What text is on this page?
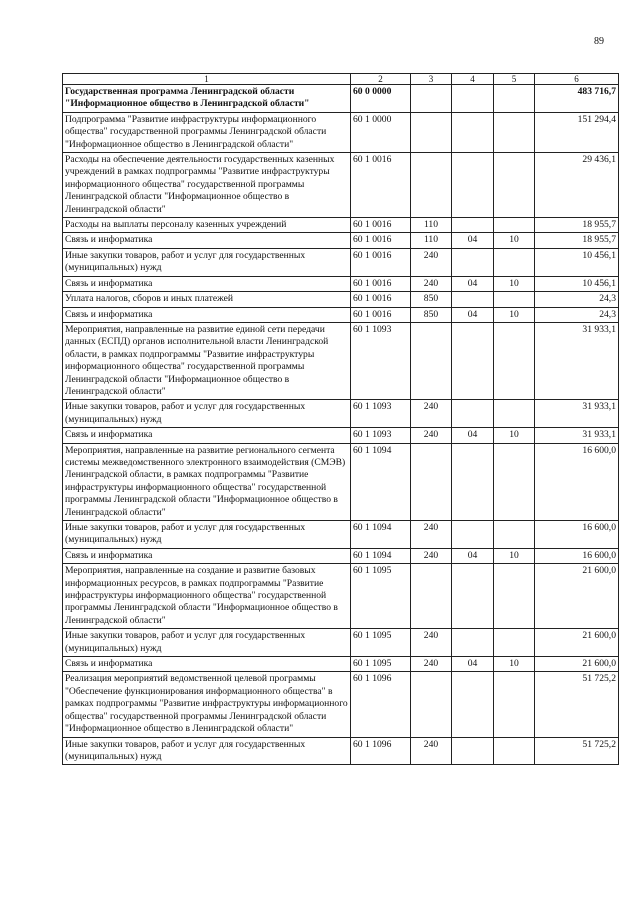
89
1	2	3	4	5	6
Государственная программа Ленинградской области "Информационное общество в Ленинградской области"	60 0 0000				483 716,7
Подпрограмма "Развитие инфраструктуры информационного общества" государственной программы Ленинградской области "Информационное общество в Ленинградской области"	60 1 0000				151 294,4
Расходы на обеспечение деятельности государственных казенных учреждений в рамках подпрограммы "Развитие инфраструктуры информационного общества" государственной программы Ленинградской области "Информационное общество в Ленинградской области"	60 1 0016				29 436,1
Расходы на выплаты персоналу казенных учреждений	60 1 0016	110			18 955,7
Связь и информатика	60 1 0016	110	04	10	18 955,7
Иные закупки товаров, работ и услуг для государственных (муниципальных) нужд	60 1 0016	240			10 456,1
Связь и информатика	60 1 0016	240	04	10	10 456,1
Уплата налогов, сборов и иных платежей	60 1 0016	850			24,3
Связь и информатика	60 1 0016	850	04	10	24,3
Мероприятия, направленные на развитие единой сети передачи данных (ЕСПД) органов исполнительной власти Ленинградской области, в рамках подпрограммы "Развитие инфраструктуры информационного общества" государственной программы Ленинградской области "Информационное общество в Ленинградской области"	60 1 1093				31 933,1
Иные закупки товаров, работ и услуг для государственных (муниципальных) нужд	60 1 1093	240			31 933,1
Связь и информатика	60 1 1093	240	04	10	31 933,1
Мероприятия, направленные на развитие регионального сегмента системы межведомственного электронного взаимодействия (СМЭВ) Ленинградской области, в рамках подпрограммы "Развитие инфраструктуры информационного общества" государственной программы Ленинградской области "Информационное общество в Ленинградской области"	60 1 1094				16 600,0
Иные закупки товаров, работ и услуг для государственных (муниципальных) нужд	60 1 1094	240			16 600,0
Связь и информатика	60 1 1094	240	04	10	16 600,0
Мероприятия, направленные на создание и развитие базовых информационных ресурсов, в рамках подпрограммы "Развитие инфраструктуры информационного общества" государственной программы Ленинградской области "Информационное общество в Ленинградской области"	60 1 1095				21 600,0
Иные закупки товаров, работ и услуг для государственных (муниципальных) нужд	60 1 1095	240			21 600,0
Связь и информатика	60 1 1095	240	04	10	21 600,0
Реализация мероприятий ведомственной целевой программы "Обеспечение функционирования информационного общества" в рамках подпрограммы "Развитие инфраструктуры информационного общества" государственной программы Ленинградской области "Информационное общество в Ленинградской области"	60 1 1096				51 725,2
Иные закупки товаров, работ и услуг для государственных (муниципальных) нужд	60 1 1096	240			51 725,2
